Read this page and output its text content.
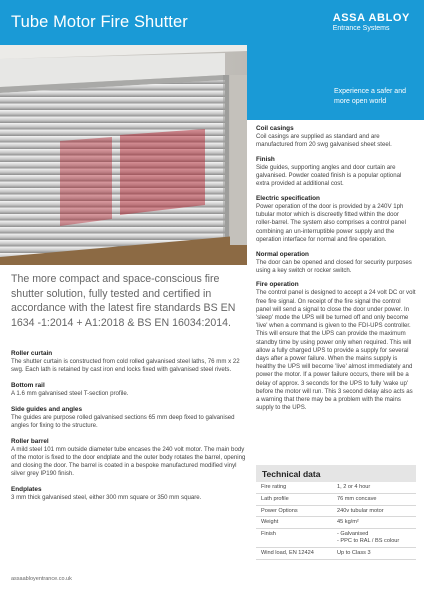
Tube Motor Fire Shutter	ASSA ABLOY
Entrance Systems
Experience a safer and more open world
The more compact and space-conscious fire shutter solution, fully tested and certified in accordance with the latest fire standards BS EN 1634 -1:2014 + A1:2018 & BS EN 16034:2014.
Roller curtain

The shutter curtain is constructed from cold rolled galvanised steel laths, 76 mm x 22 swg. Each lath is retained by cast iron end locks fixed with galvanised steel rivets.

Bottom rail

A 1.6 mm galvanised steel T-section profile.

Side guides and angles

The guides are purpose rolled galvanised sections 65 mm deep fixed to galvanised angles for fixing to the structure.

Roller barrel

A mild steel 101 mm outside diameter tube encases the 240 volt motor. The main body of the motor is fixed to the door endplate and the outer body rotates the barrel, opening and closing the door. The barrel is coated in a bespoke manufactured modified vinyl silver grey IP190 finish.

Endplates

3 mm thick galvanised steel, either 300 mm square or 350 mm square.

Coil casings

Coil casings are supplied as standard and are manufactured from 20 swg galvanised sheet steel.

Finish

Side guides, supporting angles and door curtain are galvanised. Powder coated finish is a popular optional extra provided at additional cost.

Electric specification

Power operation of the door is provided by a 240V 1ph tubular motor which is discreetly fitted within the door roller-barrel. The system also comprises a control panel combining an un-interruptible power supply and the operation interface for normal and fire operation.

Normal operation

The door can be opened and closed for security purposes using a key switch or rocker switch.

Fire operation

The control panel is designed to accept a 24 volt DC or volt free fire signal. On receipt of the fire signal the control panel will send a signal to close the door under power. In 'sleep' mode the UPS will be turned off and only become 'live' when a command is given to the FDI-UPS controller. This will ensure that the UPS can provide the maximum standby time by using power only when required. This will allow a fully charged UPS to provide a supply for several days after a power failure. When the mains supply is healthy the UPS will become 'live' almost immediately and power the motor. If a power failure occurs, there will be a delay of approx. 3 seconds for the UPS to fully 'wake up' before the motor will run. This 3 second delay also acts as a warning that there may be a problem with the mains supply to the UPS.

Technical data
Fire rating	1, 2 or 4 hour
Lath profile	76 mm concave
Power Options	240v tubular motor
Weight	45 kg/m²
Finish	- Galvanised
- PPC to RAL / BS colour
Wind load, EN 12424	Up to Class 3
assaabloyentrance.co.uk
